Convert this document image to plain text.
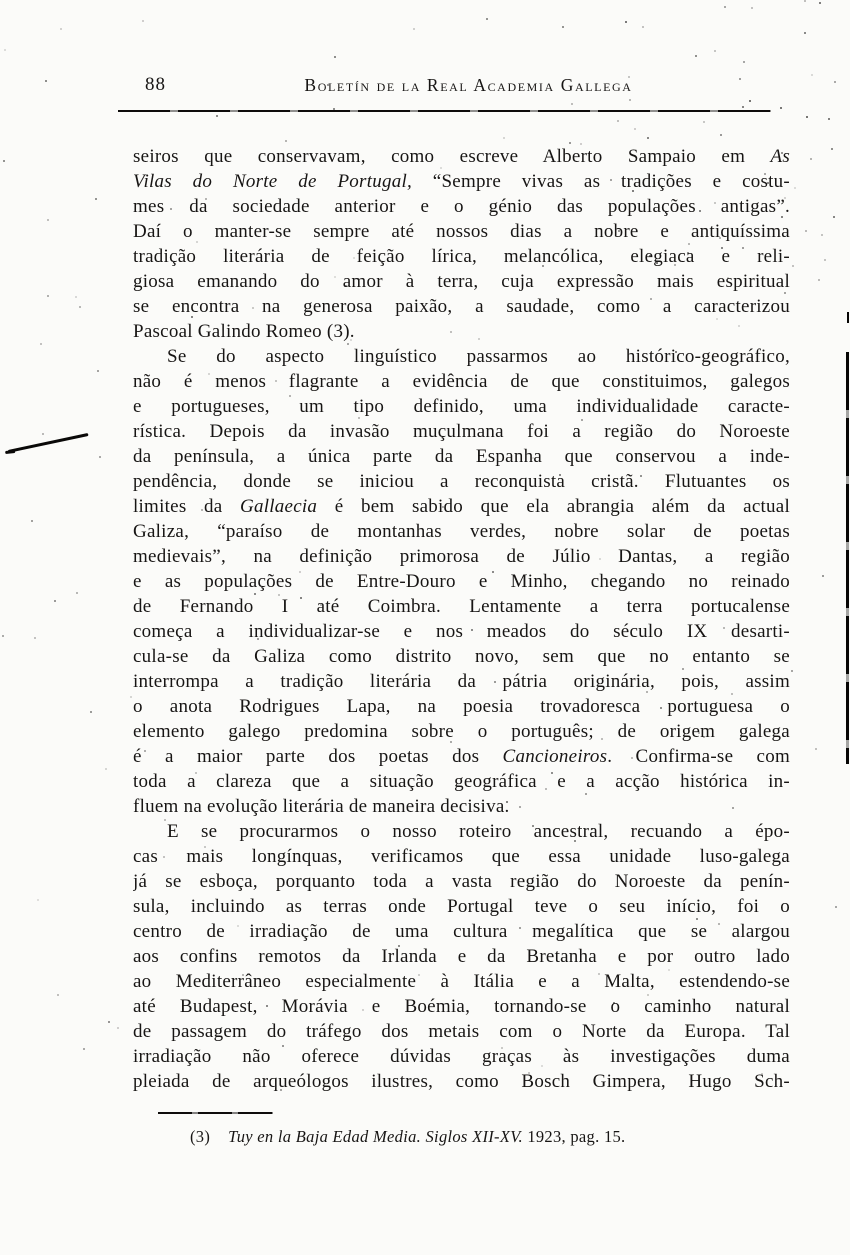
88	Boletín de la Real Academia Gallega
seiros que conservavam, como escreve Alberto Sampaio em As
Vilas do Norte de Portugal, “Sempre vivas as tradições e costu-
mes da sociedade anterior e o génio das populações antigas”.
Daí o manter-se sempre até nossos dias a nobre e antiquíssima
tradição literária de feição lírica, melancólica, elegiaca e reli-
giosa emanando do amor à terra, cuja expressão mais espiritual
se encontra na generosa paixão, a saudade, como a caracterizou
Pascoal Galindo Romeo (3).
Se do aspecto linguístico passarmos ao histórico-geográfico,
não é menos flagrante a evidência de que constituimos, galegos
e portugueses, um tipo definido, uma individualidade caracte-
rística. Depois da invasão muçulmana foi a região do Noroeste
da península, a única parte da Espanha que conservou a inde-
pendência, donde se iniciou a reconquista cristã. Flutuantes os
limites da Gallaecia é bem sabido que ela abrangia além da actual
Galiza, “paraíso de montanhas verdes, nobre solar de poetas
medievais”, na definição primorosa de Júlio Dantas, a região
e as populações de Entre-Douro e Minho, chegando no reinado
de Fernando I até Coimbra. Lentamente a terra portucalense
começa a individualizar-se e nos meados do século IX desarti-
cula-se da Galiza como distrito novo, sem que no entanto se
interrompa a tradição literária da pátria originária, pois, assim
o anota Rodrigues Lapa, na poesia trovadoresca portuguesa o
elemento galego predomina sobre o português; de origem galega
é a maior parte dos poetas dos Cancioneiros. Confirma-se com
toda a clareza que a situação geográfica e a acção histórica in-
fluem na evolução literária de maneira decisiva.
E se procurarmos o nosso roteiro ancestral, recuando a épo-
cas mais longínquas, verificamos que essa unidade luso-galega
já se esboça, porquanto toda a vasta região do Noroeste da penín-
sula, incluindo as terras onde Portugal teve o seu início, foi o
centro de irradiação de uma cultura megalítica que se alargou
aos confins remotos da Irlanda e da Bretanha e por outro lado
ao Mediterrâneo especialmente à Itália e a Malta, estendendo-se
até Budapest, Morávia e Boémia, tornando-se o caminho natural
de passagem do tráfego dos metais com o Norte da Europa. Tal
irradiação não oferece dúvidas graças às investigações duma
pleiada de arqueólogos ilustres, como Bosch Gimpera, Hugo Sch-
(3) Tuy en la Baja Edad Media. Siglos XII-XV. 1923, pag. 15.
